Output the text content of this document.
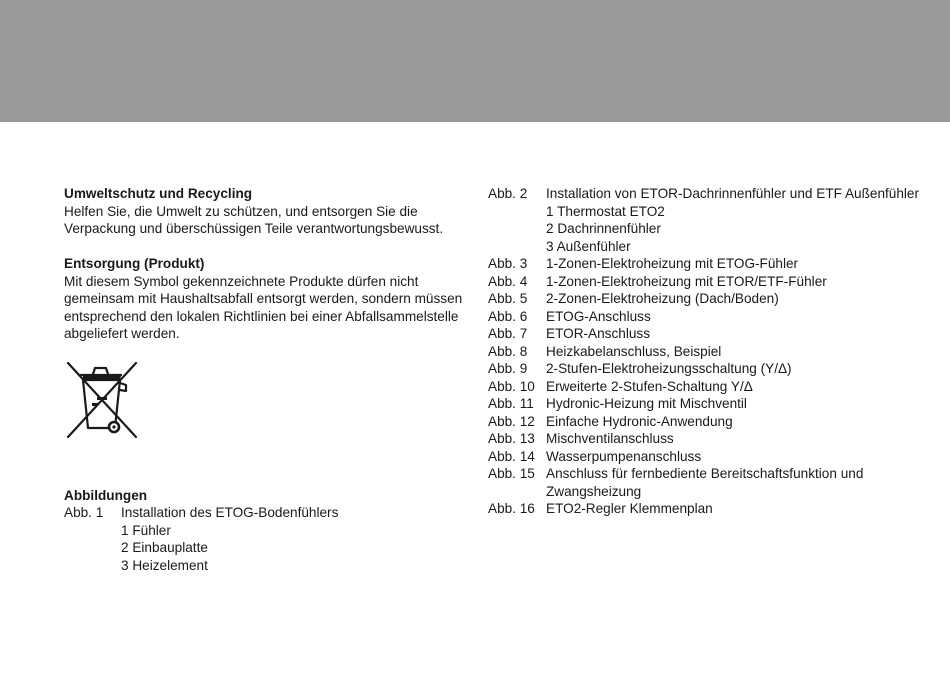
Umweltschutz und Recycling

Helfen Sie, die Umwelt zu schützen, und entsorgen Sie die Verpackung und überschüssigen Teile verantwortungsbewusst.

Entsorgung (Produkt)

Mit diesem Symbol gekennzeichnete Produkte dürfen nicht gemeinsam mit Haushaltsabfall entsorgt werden, sondern müssen entsprechend den lokalen Richtlinien bei einer Abfallsammelstelle abgeliefert werden.

Abbildungen

Abb. 1	Installation des ETOG-Bodenfühlers
1 Fühler
2 Einbauplatte
3 Heizelement
Abb. 2	Installation von ETOR-Dachrinnenfühler und ETF Außenfühler
1 Thermostat ETO2
2 Dachrinnenfühler
3 Außenfühler
Abb. 3	1-Zonen-Elektroheizung mit ETOG-Fühler
Abb. 4	1-Zonen-Elektroheizung mit ETOR/ETF-Fühler
Abb. 5	2-Zonen-Elektroheizung (Dach/Boden)
Abb. 6	ETOG-Anschluss
Abb. 7	ETOR-Anschluss
Abb. 8	Heizkabelanschluss, Beispiel
Abb. 9	2-Stufen-Elektroheizungsschaltung (Y/Δ)
Abb. 10 Erweiterte 2-Stufen-Schaltung Y/Δ
Abb. 11 Hydronic-Heizung mit Mischventil
Abb. 12 Einfache Hydronic-Anwendung
Abb. 13 Mischventilanschluss
Abb. 14 Wasserpumpenanschluss
Abb. 15 Anschluss für fernbediente Bereitschaftsfunktion und Zwangsheizung
Abb. 16 ETO2-Regler Klemmenplan
